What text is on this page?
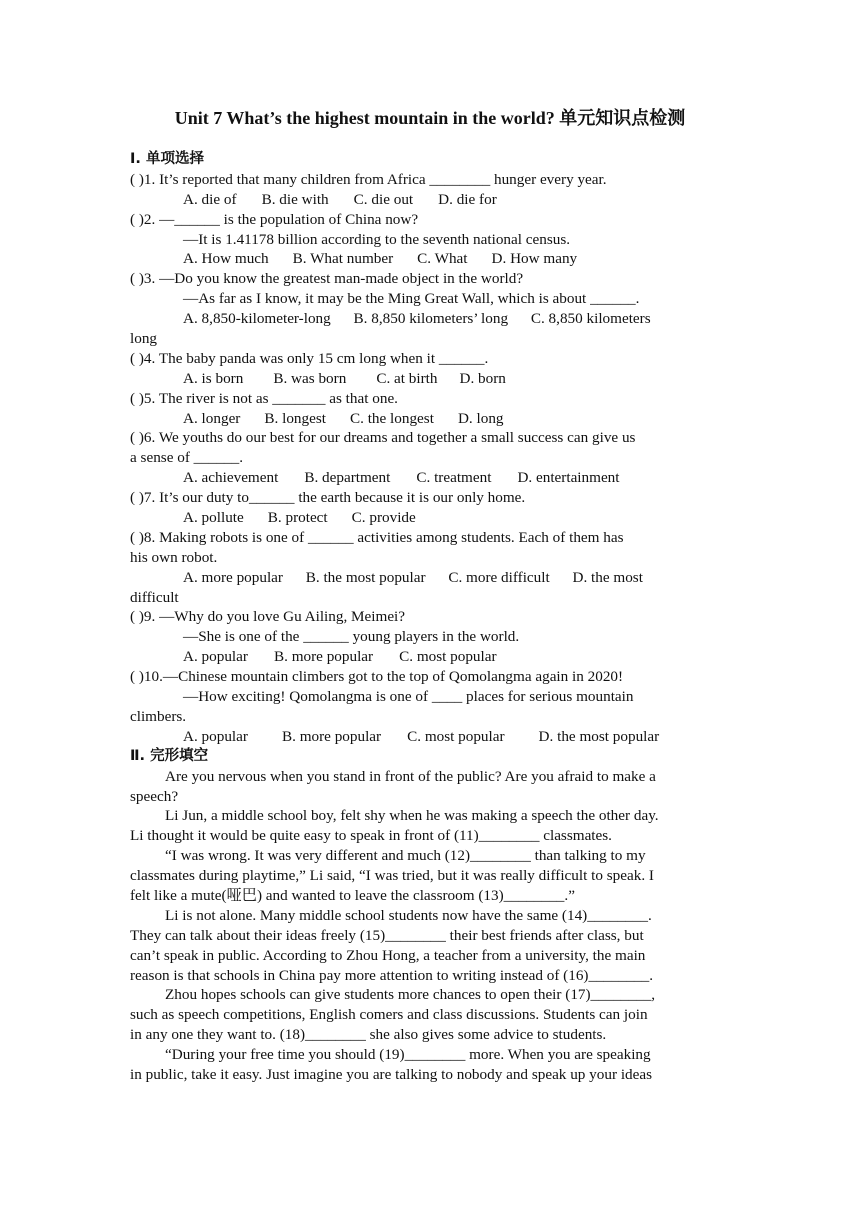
Unit 7 What’s the highest mountain in the world? 单元知识点检测
Ⅰ. 单项选择
( )1. It’s reported that many children from Africa ________ hunger every year.
A. die of B. die with C. die out D. die for
( )2. —______ is the population of China now?
—It is 1.41178 billion according to the seventh national census.
A. How much B. What number C. What D. How many
( )3. —Do you know the greatest man-made object in the world?
—As far as I know, it may be the Ming Great Wall, which is about ______.
A. 8,850-kilometer-long      B. 8,850 kilometers’ long      C. 8,850 kilometers
long
( )4. The baby panda was only 15 cm long when it ______.
A. is born B. was born C. at birth D. born
( )5. The river is not as _______ as that one.
A. longer B. longest C. the longest D. long
( )6. We youths do our best for our dreams and together a small success can give us
a sense of ______.
A. achievement B. department C. treatment D. entertainment
( )7. It’s our duty to______ the earth because it is our only home.
A. pollute B. protect C. provide
( )8. Making robots is one of ______ activities among students. Each of them has
his own robot.
A. more popular      B. the most popular      C. more difficult      D. the most
difficult
( )9. —Why do you love Gu Ailing, Meimei?
—She is one of the ______ young players in the world.
A. popular B. more popular C. most popular
( )10.—Chinese mountain climbers got to the top of Qomolangma again in 2020!
—How exciting! Qomolangma is one of ____ places for serious mountain
climbers.
A. popular B. more popular C. most popular D. the most popular
Ⅱ. 完形填空
Are you nervous when you stand in front of the public? Are you afraid to make a
speech?
Li Jun, a middle school boy, felt shy when he was making a speech the other day.
Li thought it would be quite easy to speak in front of (11)________ classmates.
“I was wrong. It was very different and much (12)________ than talking to my
classmates during playtime,” Li said, “I was tried, but it was really difficult to speak. I
felt like a mute(哑巴) and wanted to leave the classroom (13)________.”
Li is not alone. Many middle school students now have the same (14)________.
They can talk about their ideas freely (15)________ their best friends after class, but
can’t speak in public. According to Zhou Hong, a teacher from a university, the main
reason is that schools in China pay more attention to writing instead of (16)________.
Zhou hopes schools can give students more chances to open their (17)________,
such as speech competitions, English comers and class discussions. Students can join
in any one they want to. (18)________ she also gives some advice to students.
“During your free time you should (19)________ more. When you are speaking
in public, take it easy. Just imagine you are talking to nobody and speak up your ideas
